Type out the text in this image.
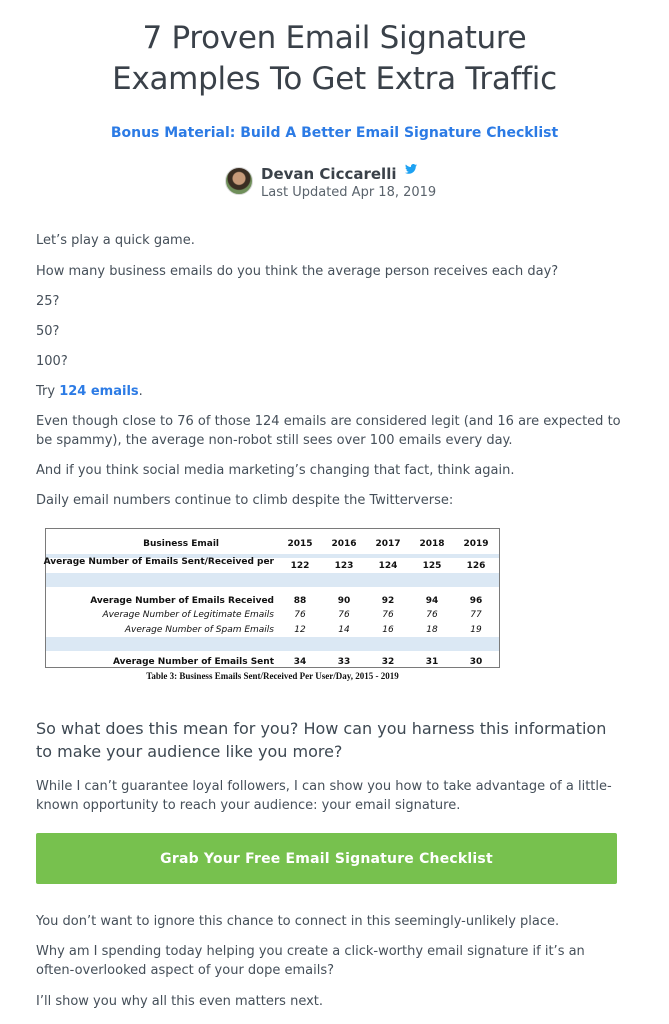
7 Proven Email Signature
Examples To Get Extra Traffic
Bonus Material: Build A Better Email Signature Checklist
Devan Ciccarelli
Last Updated Apr 18, 2019
Let’s play a quick game.
How many business emails do you think the average person receives each day?
25?
50?
100?
Try 124 emails.
Even though close to 76 of those 124 emails are considered legit (and 16 are expected to be spammy), the average non-robot still sees over 100 emails every day.
And if you think social media marketing’s changing that fact, think again.
Daily email numbers continue to climb despite the Twitterverse:
Business Email	2015	2016	2017	2018	2019
Average Number of Emails Sent/Received per	122	123	124	125	126
Average Number of Emails Received	88	90	92	94	96
Average Number of Legitimate Emails	76	76	76	76	77
Average Number of Spam Emails	12	14	16	18	19
Average Number of Emails Sent	34	33	32	31	30
Table 3: Business Emails Sent/Received Per User/Day, 2015 - 2019
So what does this mean for you? How can you harness this information to make your audience like you more?
While I can’t guarantee loyal followers, I can show you how to take advantage of a little-known opportunity to reach your audience: your email signature.
Grab Your Free Email Signature Checklist
You don’t want to ignore this chance to connect in this seemingly-unlikely place.
Why am I spending today helping you create a click-worthy email signature if it’s an often-overlooked aspect of your dope emails?
I’ll show you why all this even matters next.
